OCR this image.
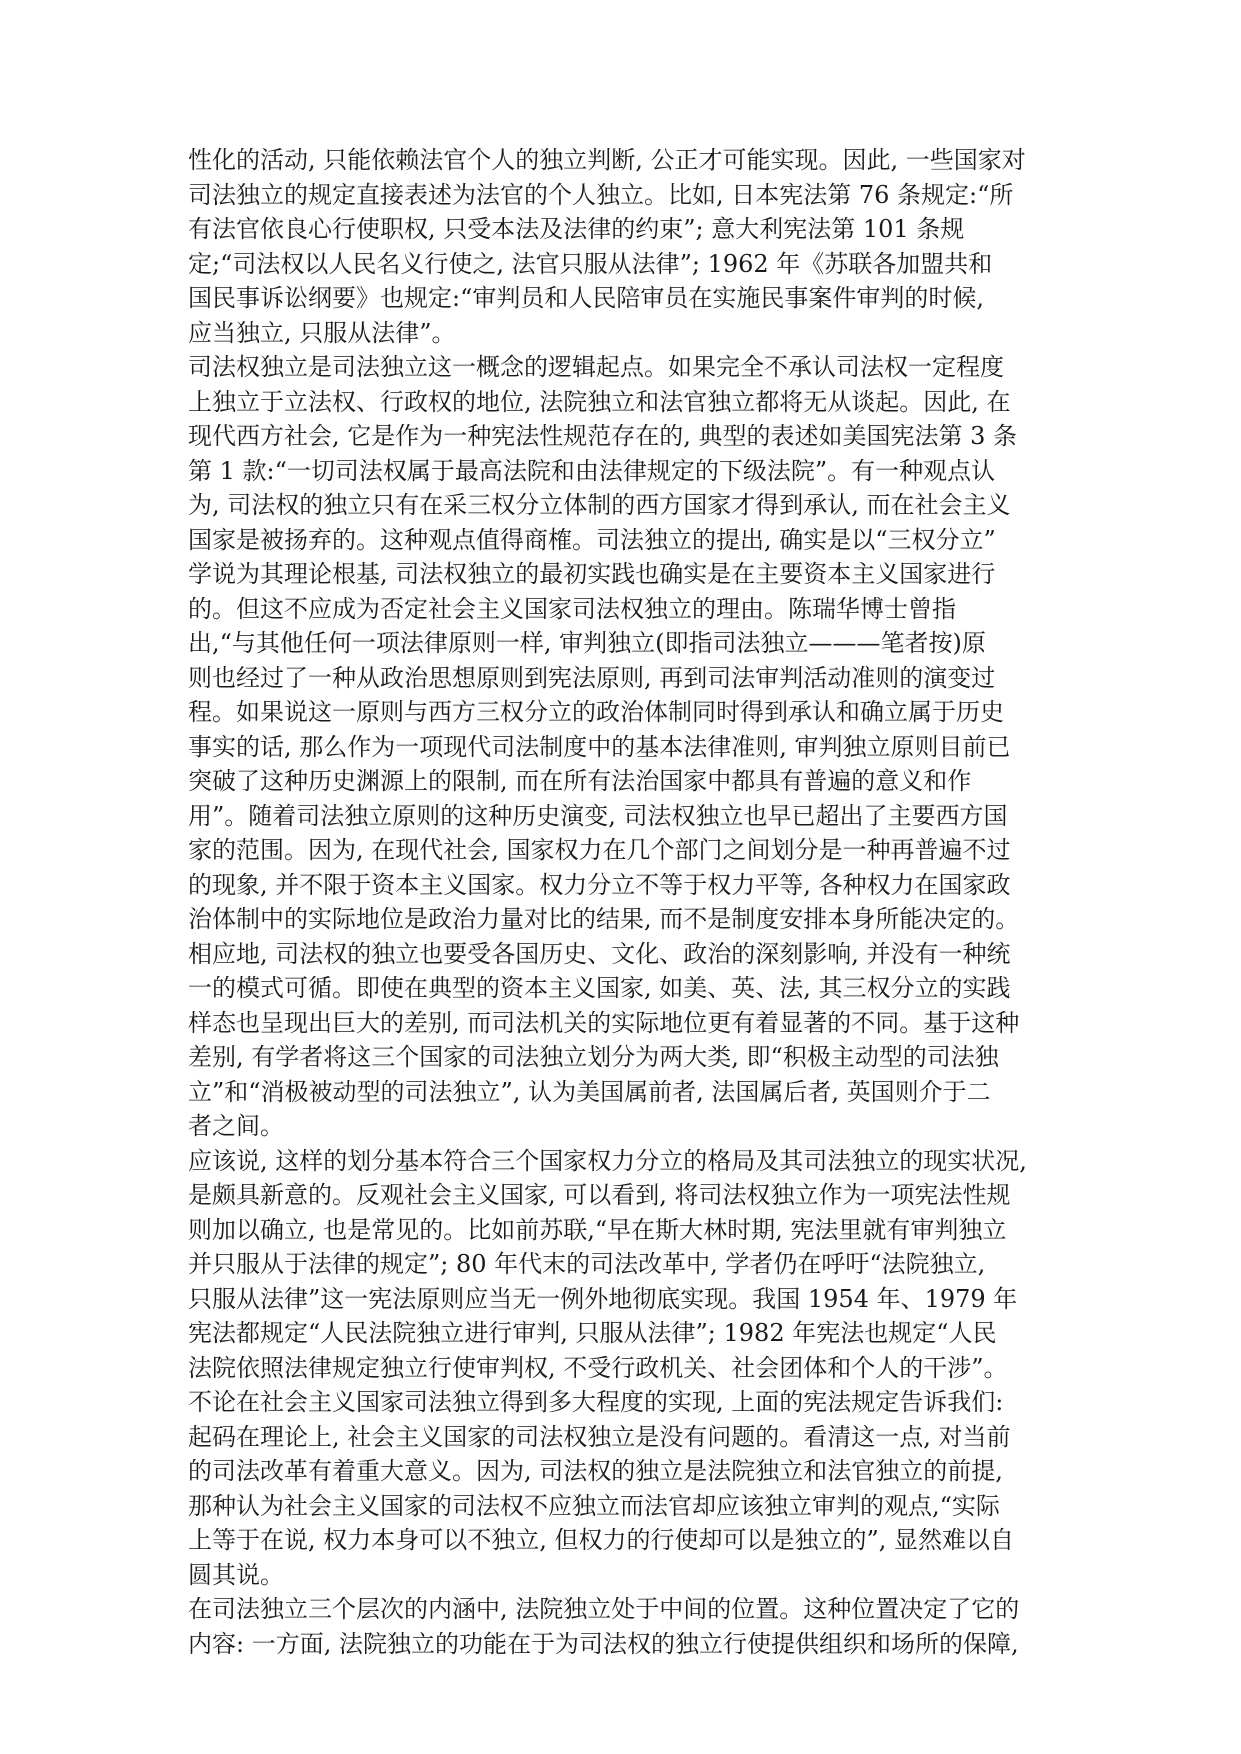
性化的活动, 只能依赖法官个人的独立判断, 公正才可能实现。因此, 一些国家对
司法独立的规定直接表述为法官的个人独立。比如, 日本宪法第 76 条规定:“所
有法官依良心行使职权, 只受本法及法律的约束”; 意大利宪法第 101 条规
定;“司法权以人民名义行使之, 法官只服从法律”; 1962 年《苏联各加盟共和
国民事诉讼纲要》也规定:“审判员和人民陪审员在实施民事案件审判的时候,
应当独立, 只服从法律”。
司法权独立是司法独立这一概念的逻辑起点。如果完全不承认司法权一定程度
上独立于立法权、行政权的地位, 法院独立和法官独立都将无从谈起。因此, 在
现代西方社会, 它是作为一种宪法性规范存在的, 典型的表述如美国宪法第 3 条
第 1 款:“一切司法权属于最高法院和由法律规定的下级法院”。有一种观点认
为, 司法权的独立只有在采三权分立体制的西方国家才得到承认, 而在社会主义
国家是被扬弃的。这种观点值得商榷。司法独立的提出, 确实是以“三权分立”
学说为其理论根基, 司法权独立的最初实践也确实是在主要资本主义国家进行
的。但这不应成为否定社会主义国家司法权独立的理由。陈瑞华博士曾指
出,“与其他任何一项法律原则一样, 审判独立(即指司法独立———笔者按)原
则也经过了一种从政治思想原则到宪法原则, 再到司法审判活动准则的演变过
程。如果说这一原则与西方三权分立的政治体制同时得到承认和确立属于历史
事实的话, 那么作为一项现代司法制度中的基本法律准则, 审判独立原则目前已
突破了这种历史渊源上的限制, 而在所有法治国家中都具有普遍的意义和作
用”。随着司法独立原则的这种历史演变, 司法权独立也早已超出了主要西方国
家的范围。因为, 在现代社会, 国家权力在几个部门之间划分是一种再普遍不过
的现象, 并不限于资本主义国家。权力分立不等于权力平等, 各种权力在国家政
治体制中的实际地位是政治力量对比的结果, 而不是制度安排本身所能决定的。
相应地, 司法权的独立也要受各国历史、文化、政治的深刻影响, 并没有一种统
一的模式可循。即使在典型的资本主义国家, 如美、英、法, 其三权分立的实践
样态也呈现出巨大的差别, 而司法机关的实际地位更有着显著的不同。基于这种
差别, 有学者将这三个国家的司法独立划分为两大类, 即“积极主动型的司法独
立”和“消极被动型的司法独立”, 认为美国属前者, 法国属后者, 英国则介于二
者之间。
应该说, 这样的划分基本符合三个国家权力分立的格局及其司法独立的现实状况,
是颇具新意的。反观社会主义国家, 可以看到, 将司法权独立作为一项宪法性规
则加以确立, 也是常见的。比如前苏联,“早在斯大林时期, 宪法里就有审判独立
并只服从于法律的规定”; 80 年代末的司法改革中, 学者仍在呼吁“法院独立,
只服从法律”这一宪法原则应当无一例外地彻底实现。我国 1954 年、1979 年
宪法都规定“人民法院独立进行审判, 只服从法律”; 1982 年宪法也规定“人民
法院依照法律规定独立行使审判权, 不受行政机关、社会团体和个人的干涉”。
不论在社会主义国家司法独立得到多大程度的实现, 上面的宪法规定告诉我们:
起码在理论上, 社会主义国家的司法权独立是没有问题的。看清这一点, 对当前
的司法改革有着重大意义。因为, 司法权的独立是法院独立和法官独立的前提,
那种认为社会主义国家的司法权不应独立而法官却应该独立审判的观点,“实际
上等于在说, 权力本身可以不独立, 但权力的行使却可以是独立的”, 显然难以自
圆其说。
在司法独立三个层次的内涵中, 法院独立处于中间的位置。这种位置决定了它的
内容: 一方面, 法院独立的功能在于为司法权的独立行使提供组织和场所的保障,
